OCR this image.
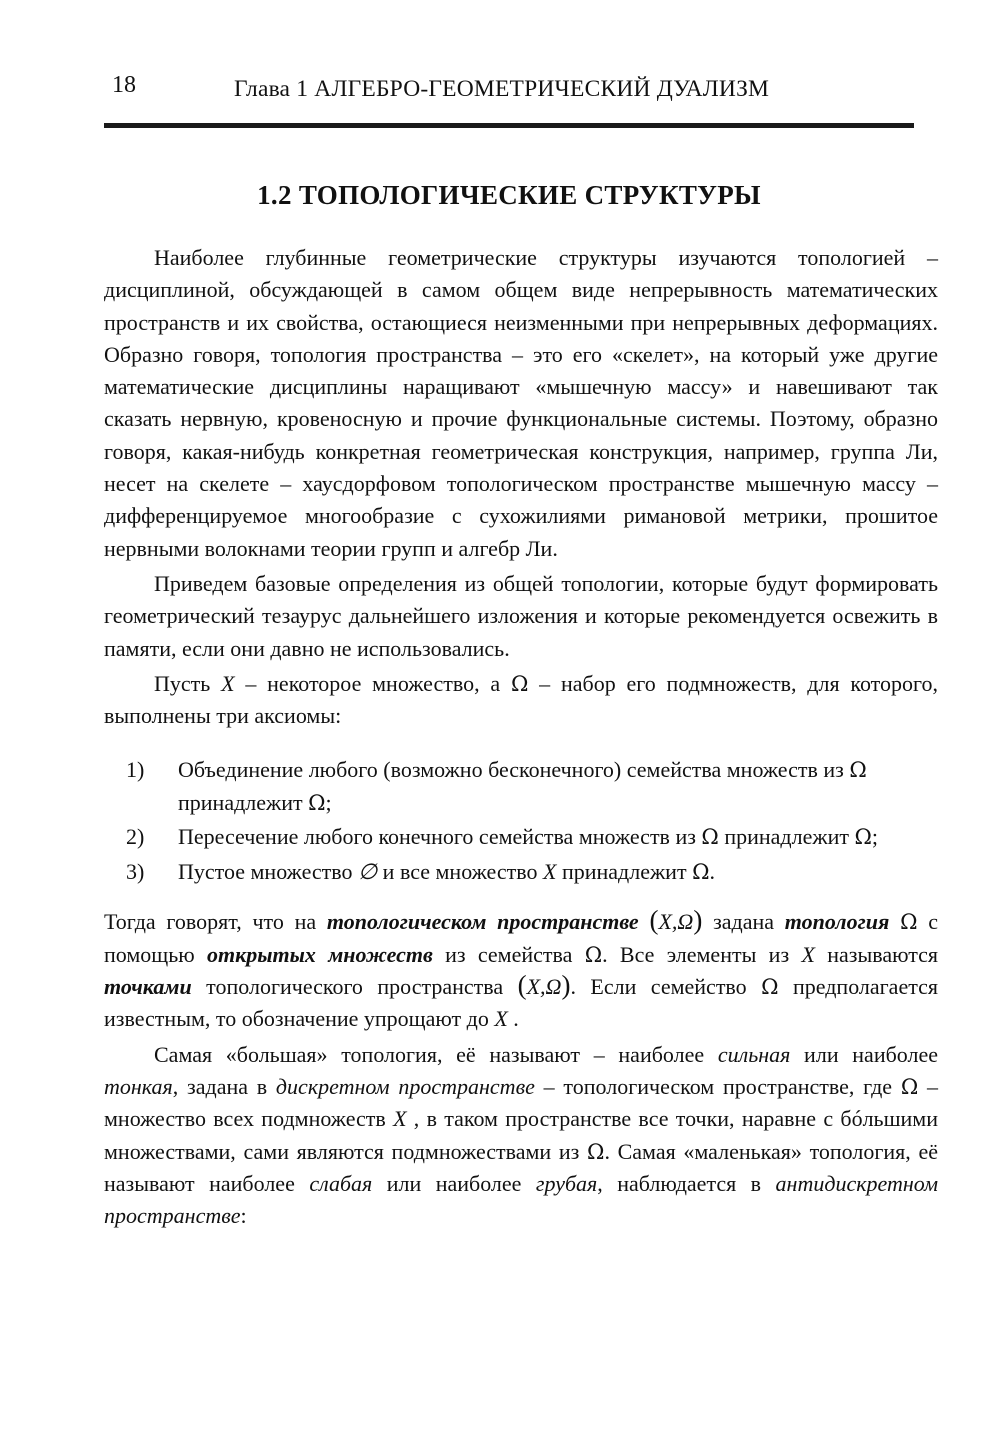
18	Глава 1 АЛГЕБРО-ГЕОМЕТРИЧЕСКИЙ ДУАЛИЗМ
1.2 ТОПОЛОГИЧЕСКИЕ СТРУКТУРЫ

Наиболее глубинные геометрические структуры изучаются топологией – дисциплиной, обсуждающей в самом общем виде непрерывность математических пространств и их свойства, остающиеся неизменными при непрерывных деформациях. Образно говоря, топология пространства – это его «скелет», на который уже другие математические дисциплины наращивают «мышечную массу» и навешивают так сказать нервную, кровеносную и прочие функциональные системы. Поэтому, образно говоря, какая-нибудь конкретная геометрическая конструкция, например, группа Ли, несет на скелете – хаусдорфовом топологическом пространстве мышечную массу – дифференцируемое многообразие с сухожилиями римановой метрики, прошитое нервными волокнами теории групп и алгебр Ли.

Приведем базовые определения из общей топологии, которые будут формировать геометрический тезаурус дальнейшего изложения и которые рекомендуется освежить в памяти, если они давно не использовались.

Пусть X – некоторое множество, а Ω – набор его подмножеств, для которого, выполнены три аксиомы:

1) Объединение любого (возможно бесконечного) семейства множеств из Ω принадлежит Ω;
2) Пересечение любого конечного семейства множеств из Ω принадлежит Ω;
3) Пустое множество ∅ и все множество X принадлежит Ω.

Тогда говорят, что на топологическом пространстве (X,Ω) задана топология Ω с помощью открытых множеств из семейства Ω. Все элементы из X называются точками топологического пространства (X,Ω). Если семейство Ω предполагается известным, то обозначение упрощают до X .

Самая «большая» топология, её называют – наиболее сильная или наиболее тонкая, задана в дискретном пространстве – топологическом пространстве, где Ω – множество всех подмножеств X , в таком пространстве все точки, наравне с бóльшими множествами, сами являются подмножествами из Ω. Самая «маленькая» топология, её называют наиболее слабая или наиболее грубая, наблюдается в антидискретном пространстве:
